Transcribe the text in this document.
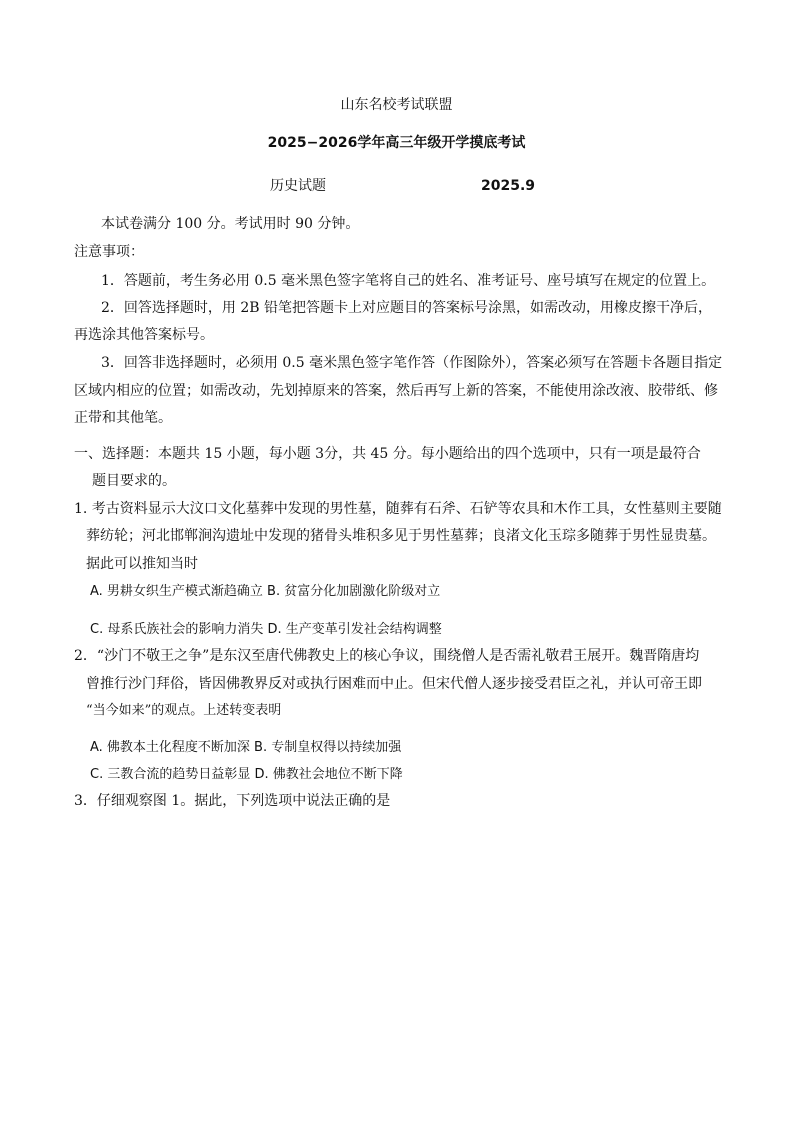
山东名校考试联盟
2025−2026学年高三年级开学摸底考试
历史试题	2025.9
本试卷满分 100 分。考试用时 90 分钟。
注意事项：
1．答题前，考生务必用 0.5 毫米黑色签字笔将自己的姓名、准考证号、座号填写在规定的位置上。
2．回答选择题时，用 2B 铅笔把答题卡上对应题目的答案标号涂黑，如需改动，用橡皮擦干净后，
再选涂其他答案标号。
3．回答非选择题时，必须用 0.5 毫米黑色签字笔作答（作图除外），答案必须写在答题卡各题目指定
区域内相应的位置；如需改动，先划掉原来的答案，然后再写上新的答案，不能使用涂改液、胶带纸、修
正带和其他笔。
一、选择题：本题共 15 小题，每小题 3分，共 45 分。每小题给出的四个选项中，只有一项是最符合
题目要求的。
1. 考古资料显示大汶口文化墓葬中发现的男性墓，随葬有石斧、石铲等农具和木作工具，女性墓则主要随
葬纺轮；河北邯郸涧沟遗址中发现的猪骨头堆积多见于男性墓葬；良渚文化玉琮多随葬于男性显贵墓。
据此可以推知当时
A. 男耕女织生产模式渐趋确立 B. 贫富分化加剧激化阶级对立
C. 母系氏族社会的影响力消失 D. 生产变革引发社会结构调整
2．“沙门不敬王之争”是东汉至唐代佛教史上的核心争议，围绕僧人是否需礼敬君王展开。魏晋隋唐均
曾推行沙门拜俗，皆因佛教界反对或执行困难而中止。但宋代僧人逐步接受君臣之礼，并认可帝王即
“当今如来”的观点。上述转变表明
A. 佛教本土化程度不断加深 B. 专制皇权得以持续加强
C. 三教合流的趋势日益彰显 D. 佛教社会地位不断下降
3．仔细观察图 1。据此，下列选项中说法正确的是
